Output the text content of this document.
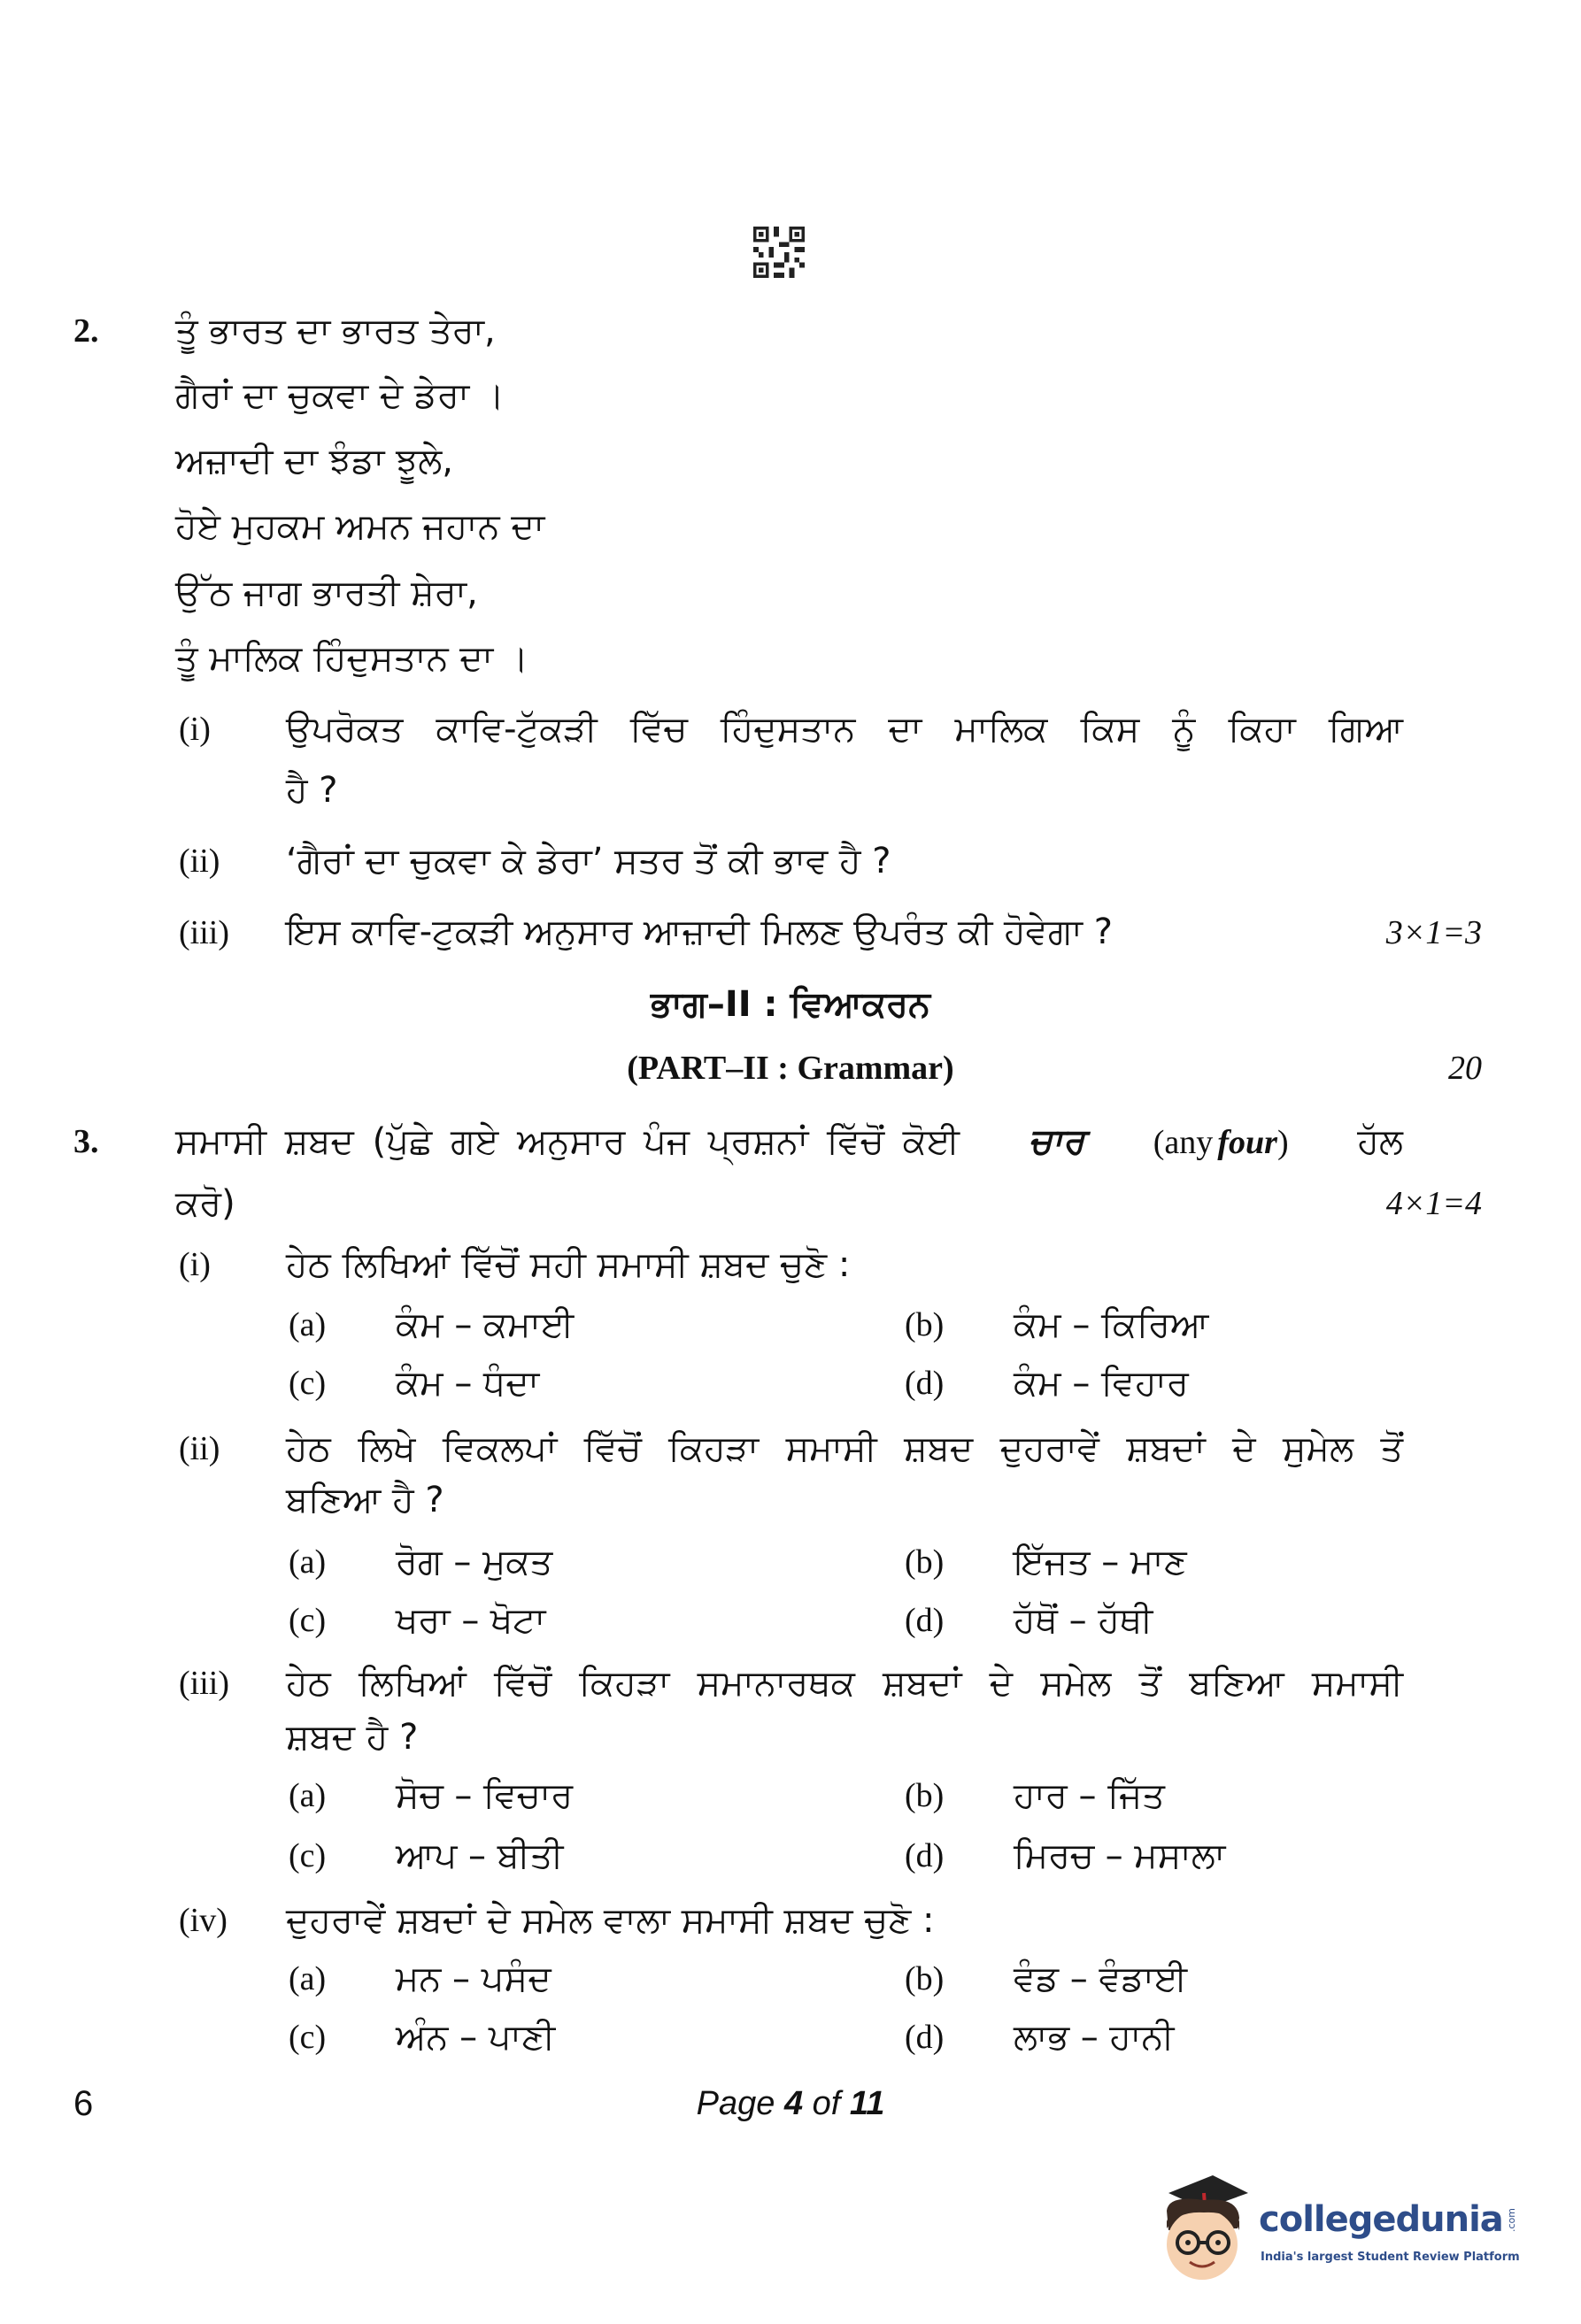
2. ਤੂੰ ਭਾਰਤ ਦਾ ਭਾਰਤ ਤੇਰਾ,
ਗੈਰਾਂ ਦਾ ਚੁਕਵਾ ਦੇ ਡੇਰਾ ।
ਅਜ਼ਾਦੀ ਦਾ ਝੰਡਾ ਝੂਲੇ,
ਹੋਏ ਮੁਹਕਮ ਅਮਨ ਜਹਾਨ ਦਾ
ਉੱਠ ਜਾਗ ਭਾਰਤੀ ਸ਼ੇਰਾ,
ਤੂੰ ਮਾਲਿਕ ਹਿੰਦੁਸਤਾਨ ਦਾ ।
(i) ਉਪਰੋਕਤ ਕਾਵਿ-ਟੁੱਕੜੀ ਵਿੱਚ ਹਿੰਦੁਸਤਾਨ ਦਾ ਮਾਲਿਕ ਕਿਸ ਨੂੰ ਕਿਹਾ ਗਿਆ
ਹੈ ?
(ii) ‘ਗੈਰਾਂ ਦਾ ਚੁਕਵਾ ਕੇ ਡੇਰਾ’ ਸਤਰ ਤੋਂ ਕੀ ਭਾਵ ਹੈ ?
(iii) ਇਸ ਕਾਵਿ-ਟੁਕੜੀ ਅਨੁਸਾਰ ਆਜ਼ਾਦੀ ਮਿਲਣ ਉਪਰੰਤ ਕੀ ਹੋਵੇਗਾ ?	3×1=3
ਭਾਗ–II : ਵਿਆਕਰਨ
(PART–II : Grammar)	20
3. ਸਮਾਸੀ ਸ਼ਬਦ (ਪੁੱਛੇ ਗਏ ਅਨੁਸਾਰ ਪੰਜ ਪ੍ਰਸ਼ਨਾਂ ਵਿੱਚੋਂ ਕੋਈ ਚਾਰ (any four) ਹੱਲ
ਕਰੋ)	4×1=4
(i) ਹੇਠ ਲਿਖਿਆਂ ਵਿੱਚੋਂ ਸਹੀ ਸਮਾਸੀ ਸ਼ਬਦ ਚੁਣੋ :
(a) ਕੰਮ – ਕਮਾਈ	(b) ਕੰਮ – ਕਿਰਿਆ
(c) ਕੰਮ – ਧੰਦਾ	(d) ਕੰਮ – ਵਿਹਾਰ
(ii) ਹੇਠ ਲਿਖੇ ਵਿਕਲਪਾਂ ਵਿੱਚੋਂ ਕਿਹੜਾ ਸਮਾਸੀ ਸ਼ਬਦ ਦੁਹਰਾਵੇਂ ਸ਼ਬਦਾਂ ਦੇ ਸੁਮੇਲ ਤੋਂ
ਬਣਿਆ ਹੈ ?
(a) ਰੋਗ – ਮੁਕਤ	(b) ਇੱਜਤ – ਮਾਣ
(c) ਖਰਾ – ਖੋਟਾ	(d) ਹੱਥੋਂ – ਹੱਥੀ
(iii) ਹੇਠ ਲਿਖਿਆਂ ਵਿੱਚੋਂ ਕਿਹੜਾ ਸਮਾਨਾਰਥਕ ਸ਼ਬਦਾਂ ਦੇ ਸਮੇਲ ਤੋਂ ਬਣਿਆ ਸਮਾਸੀ
ਸ਼ਬਦ ਹੈ ?
(a) ਸੋਚ – ਵਿਚਾਰ	(b) ਹਾਰ – ਜਿੱਤ
(c) ਆਪ – ਬੀਤੀ	(d) ਮਿਰਚ – ਮਸਾਲਾ
(iv) ਦੁਹਰਾਵੇਂ ਸ਼ਬਦਾਂ ਦੇ ਸਮੇਲ ਵਾਲਾ ਸਮਾਸੀ ਸ਼ਬਦ ਚੁਣੋ :
(a) ਮਨ – ਪਸੰਦ	(b) ਵੰਡ – ਵੰਡਾਈ
(c) ਅੰਨ – ਪਾਣੀ	(d) ਲਾਭ – ਹਾਨੀ
6	Page 4 of 11
collegedunia .com
India's largest Student Review Platform
